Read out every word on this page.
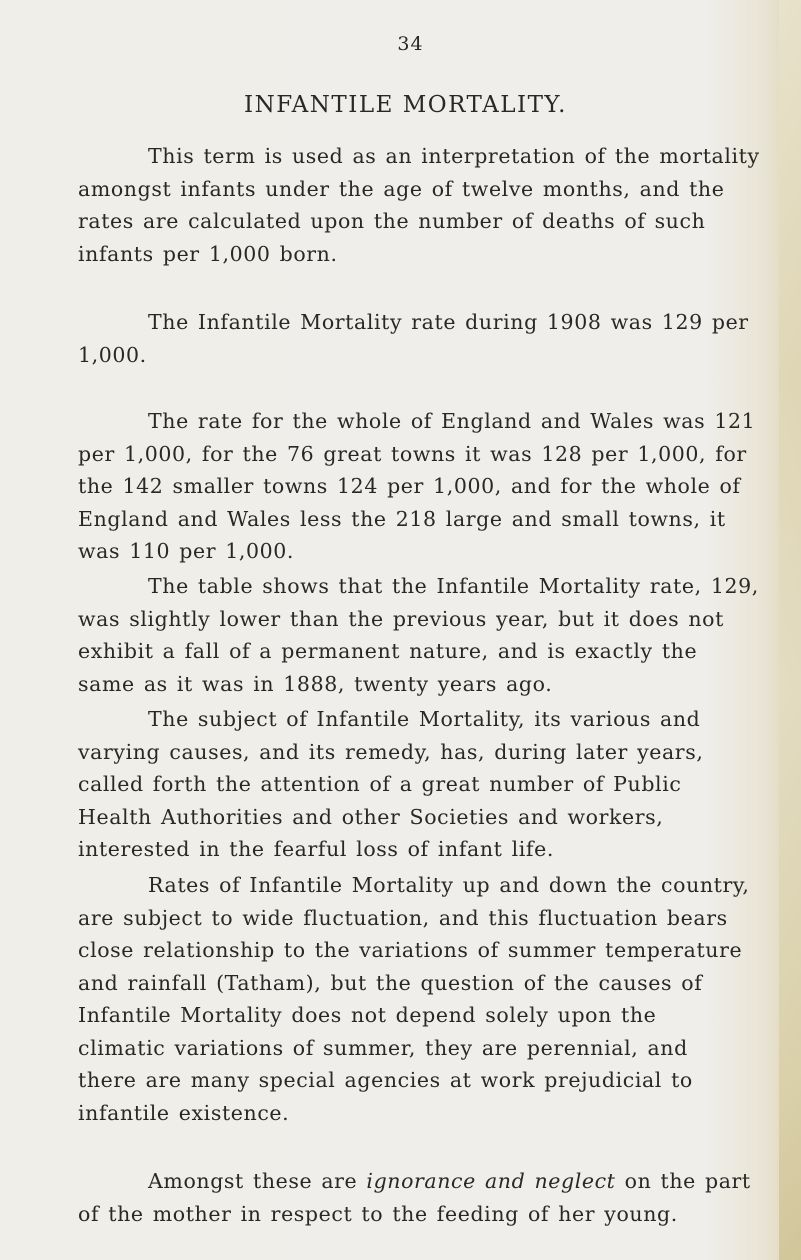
34
INFANTILE MORTALITY.
This term is used as an interpretation of the mortality
amongst infants under the age of twelve months, and the
rates are calculated upon the number of deaths of such
infants per 1,000 born.
The Infantile Mortality rate during 1908 was 129 per
1,000.
The rate for the whole of England and Wales was 121
per 1,000, for the 76 great towns it was 128 per 1,000, for
the 142 smaller towns 124 per 1,000, and for the whole of
England and Wales less the 218 large and small towns, it
was 110 per 1,000.
The table shows that the Infantile Mortality rate, 129,
was slightly lower than the previous year, but it does not
exhibit a fall of a permanent nature, and is exactly the
same as it was in 1888, twenty years ago.
The subject of Infantile Mortality, its various and
varying causes, and its remedy, has, during later years,
called forth the attention of a great number of Public
Health Authorities and other Societies and workers,
interested in the fearful loss of infant life.
Rates of Infantile Mortality up and down the country,
are subject to wide fluctuation, and this fluctuation bears
close relationship to the variations of summer temperature
and rainfall (Tatham), but the question of the causes of
Infantile Mortality does not depend solely upon the
climatic variations of summer, they are perennial, and
there are many special agencies at work prejudicial to
infantile existence.
Amongst these are ignorance and neglect on the part
of the mother in respect to the feeding of her young.
